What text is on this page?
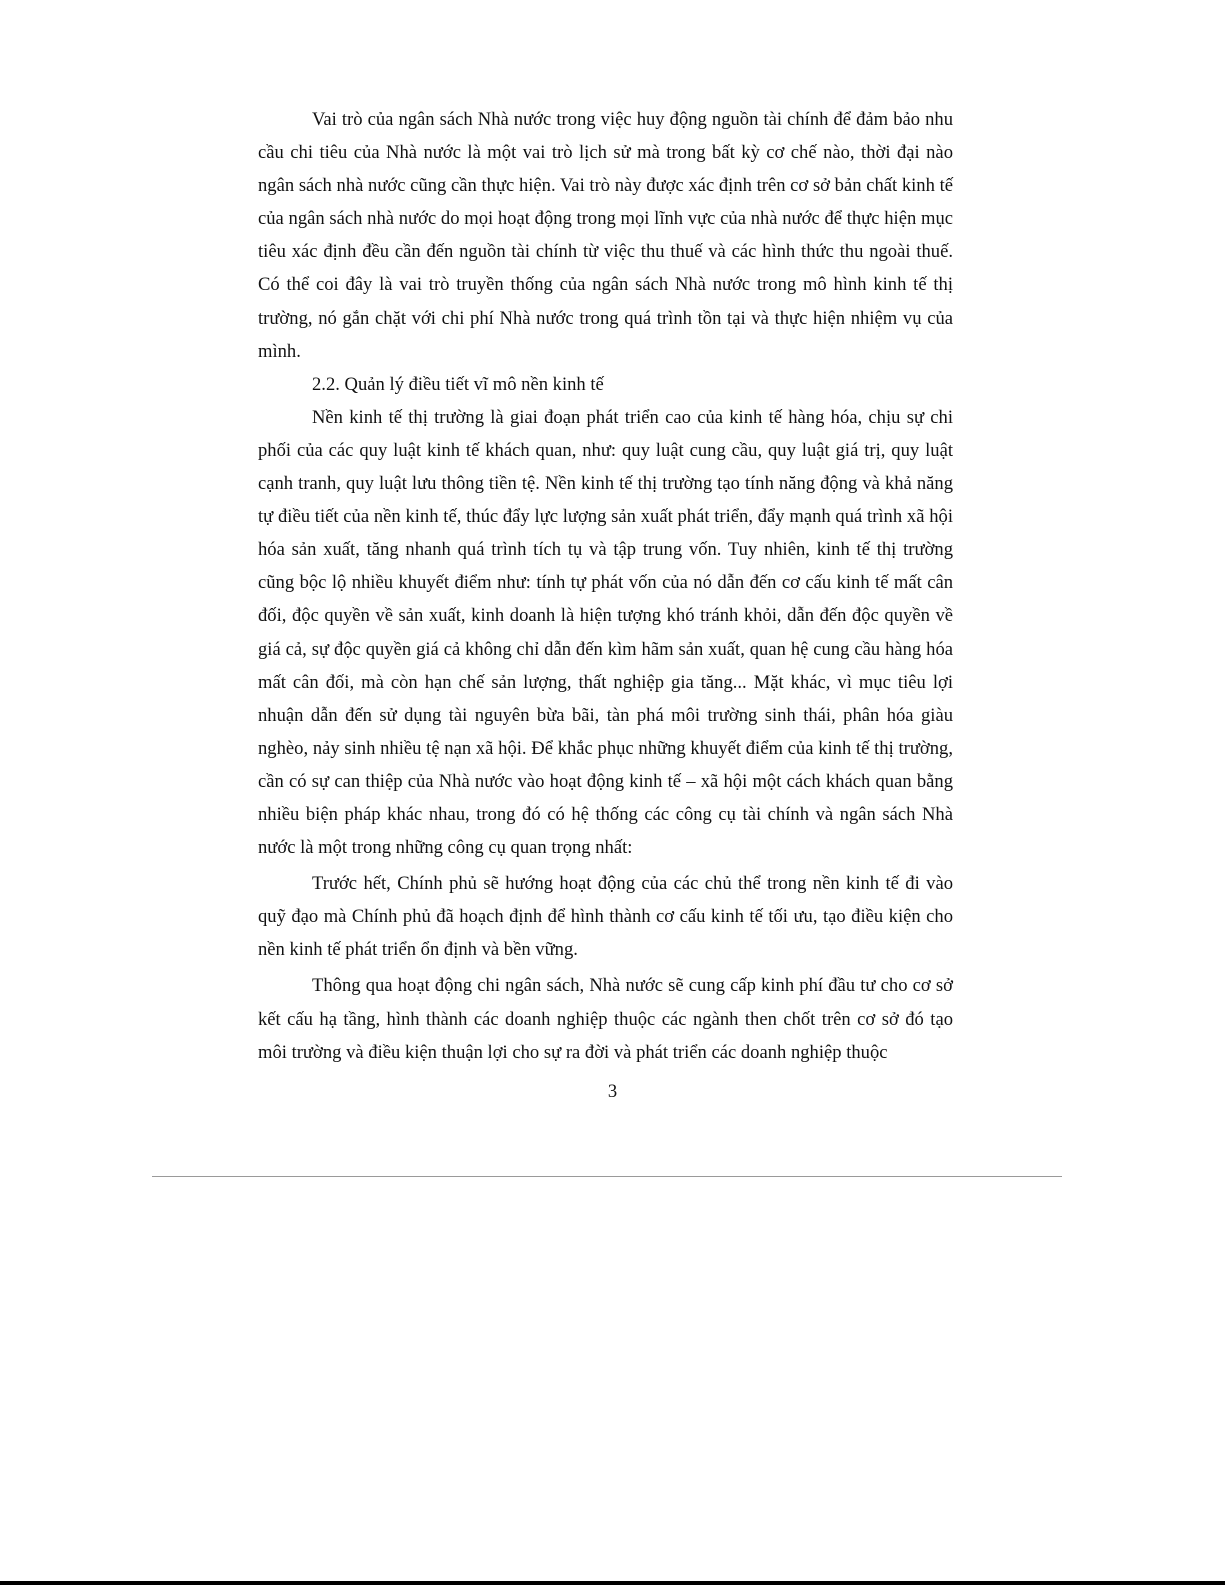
Vai trò của ngân sách Nhà nước trong việc huy động nguồn tài chính để đảm bảo nhu cầu chi tiêu của Nhà nước là một vai trò lịch sử mà trong bất kỳ cơ chế nào, thời đại nào ngân sách nhà nước cũng cần thực hiện. Vai trò này được xác định trên cơ sở bản chất kinh tế của ngân sách nhà nước do mọi hoạt động trong mọi lĩnh vực của nhà nước để thực hiện mục tiêu xác định đều cần đến nguồn tài chính từ việc thu thuế và các hình thức thu ngoài thuế. Có thể coi đây là vai trò truyền thống của ngân sách Nhà nước trong mô hình kinh tế thị trường, nó gắn chặt với chi phí Nhà nước trong quá trình tồn tại và thực hiện nhiệm vụ của mình.

2.2. Quản lý điều tiết vĩ mô nền kinh tế

Nền kinh tế thị trường là giai đoạn phát triển cao của kinh tế hàng hóa, chịu sự chi phối của các quy luật kinh tế khách quan, như: quy luật cung cầu, quy luật giá trị, quy luật cạnh tranh, quy luật lưu thông tiền tệ. Nền kinh tế thị trường tạo tính năng động và khả năng tự điều tiết của nền kinh tế, thúc đẩy lực lượng sản xuất phát triển, đẩy mạnh quá trình xã hội hóa sản xuất, tăng nhanh quá trình tích tụ và tập trung vốn. Tuy nhiên, kinh tế thị trường cũng bộc lộ nhiều khuyết điểm như: tính tự phát vốn của nó dẫn đến cơ cấu kinh tế mất cân đối, độc quyền về sản xuất, kinh doanh là hiện tượng khó tránh khỏi, dẫn đến độc quyền về giá cả, sự độc quyền giá cả không chỉ dẫn đến kìm hãm sản xuất, quan hệ cung cầu hàng hóa mất cân đối, mà còn hạn chế sản lượng, thất nghiệp gia tăng... Mặt khác, vì mục tiêu lợi nhuận dẫn đến sử dụng tài nguyên bừa bãi, tàn phá môi trường sinh thái, phân hóa giàu nghèo, nảy sinh nhiều tệ nạn xã hội. Để khắc phục những khuyết điểm của kinh tế thị trường, cần có sự can thiệp của Nhà nước vào hoạt động kinh tế – xã hội một cách khách quan bằng nhiều biện pháp khác nhau, trong đó có hệ thống các công cụ tài chính và ngân sách Nhà nước là một trong những công cụ quan trọng nhất:

Trước hết, Chính phủ sẽ hướng hoạt động của các chủ thể trong nền kinh tế đi vào quỹ đạo mà Chính phủ đã hoạch định để hình thành cơ cấu kinh tế tối ưu, tạo điều kiện cho nền kinh tế phát triển ổn định và bền vững.

Thông qua hoạt động chi ngân sách, Nhà nước sẽ cung cấp kinh phí đầu tư cho cơ sở kết cấu hạ tầng, hình thành các doanh nghiệp thuộc các ngành then chốt trên cơ sở đó tạo môi trường và điều kiện thuận lợi cho sự ra đời và phát triển các doanh nghiệp thuộc

3
